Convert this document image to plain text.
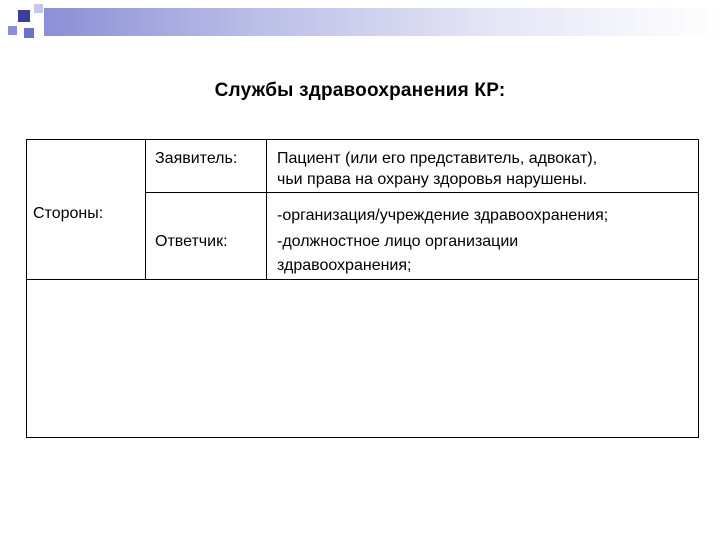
Службы здравоохранения КР:
Стороны:
Заявитель: Пациент (или его представитель, адвокат),
чьи права на охрану здоровья нарушены.
Ответчик:
-организация/учреждение здравоохранения;
-должностное лицо организации
здравоохранения;
